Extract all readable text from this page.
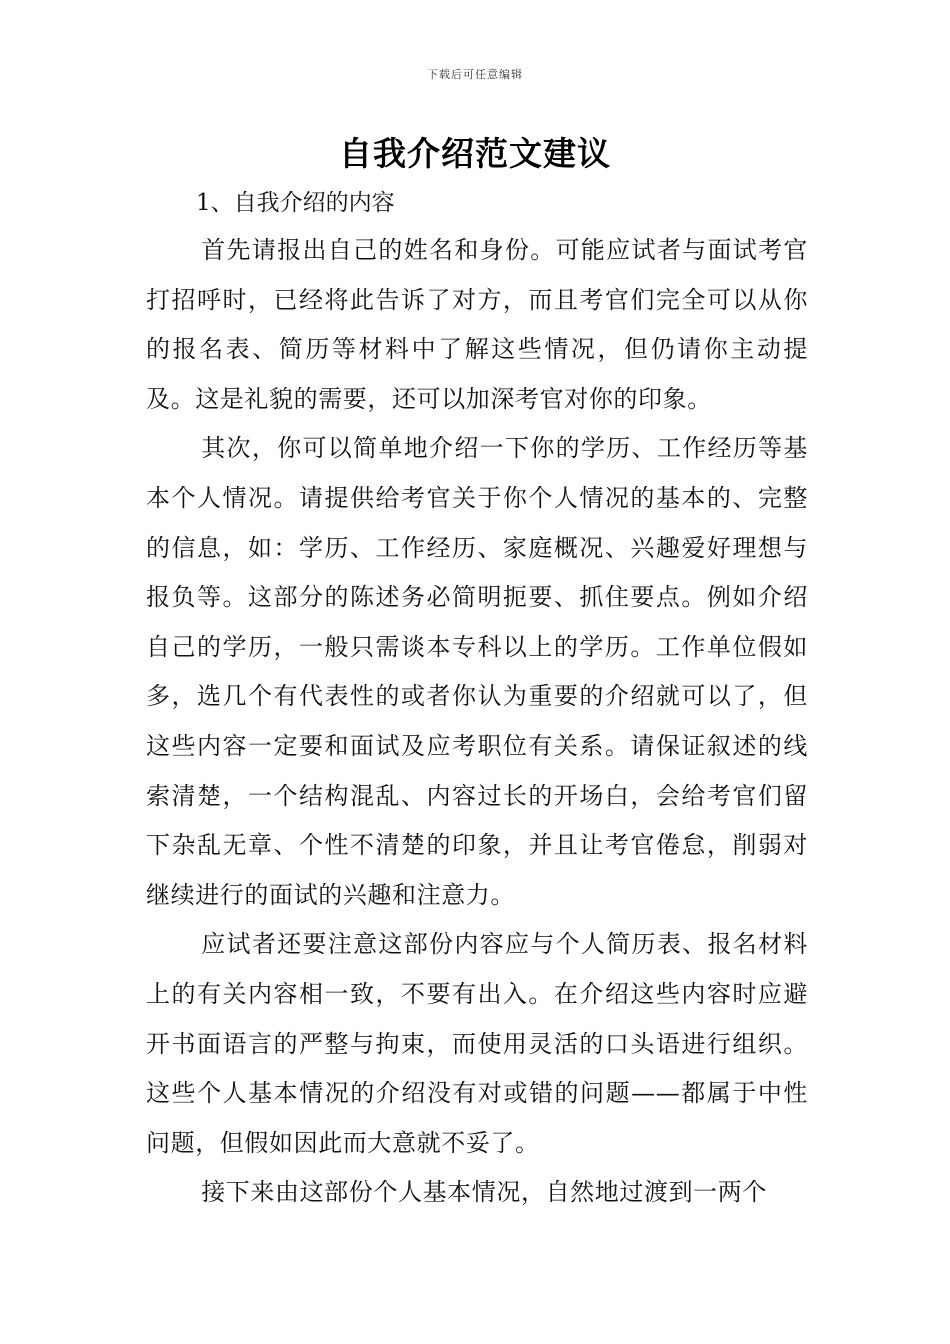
下载后可任意编辑
自我介绍范文建议
1、自我介绍的内容

首先请报出自己的姓名和身份。可能应试者与面试考官打招呼时，已经将此告诉了对方，而且考官们完全可以从你的报名表、简历等材料中了解这些情况，但仍请你主动提及。这是礼貌的需要，还可以加深考官对你的印象。

其次，你可以简单地介绍一下你的学历、工作经历等基本个人情况。请提供给考官关于你个人情况的基本的、完整的信息，如：学历、工作经历、家庭概况、兴趣爱好理想与报负等。这部分的陈述务必简明扼要、抓住要点。例如介绍自己的学历，一般只需谈本专科以上的学历。工作单位假如多，选几个有代表性的或者你认为重要的介绍就可以了，但这些内容一定要和面试及应考职位有关系。请保证叙述的线索清楚，一个结构混乱、内容过长的开场白，会给考官们留下杂乱无章、个性不清楚的印象，并且让考官倦怠，削弱对继续进行的面试的兴趣和注意力。

应试者还要注意这部份内容应与个人简历表、报名材料上的有关内容相一致，不要有出入。在介绍这些内容时应避开书面语言的严整与拘束，而使用灵活的口头语进行组织。这些个人基本情况的介绍没有对或错的问题——都属于中性问题，但假如因此而大意就不妥了。

接下来由这部份个人基本情况，自然地过渡到一两个
